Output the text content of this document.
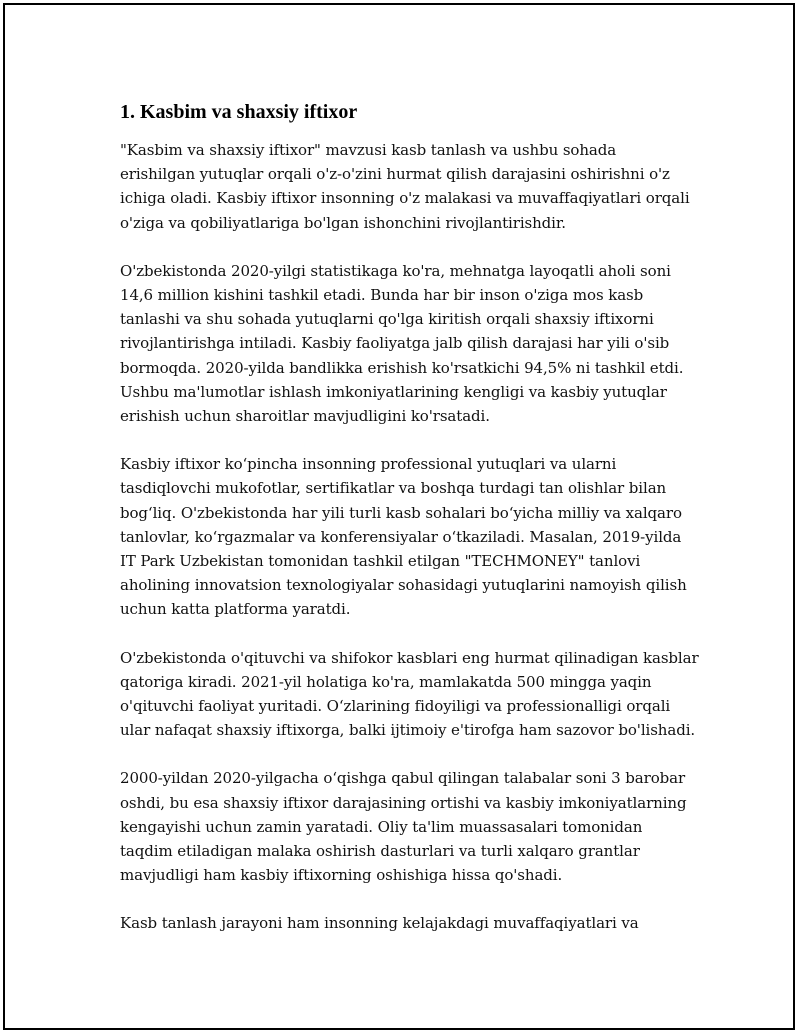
1. Kasbim va shaxsiy iftixor

"Kasbim va shaxsiy iftixor" mavzusi kasb tanlash va ushbu sohada
erishilgan yutuqlar orqali o'z-o'zini hurmat qilish darajasini oshirishni o'z
ichiga oladi. Kasbiy iftixor insonning o'z malakasi va muvaffaqiyatlari orqali
o'ziga va qobiliyatlariga bo'lgan ishonchini rivojlantirishdir.

O'zbekistonda 2020-yilgi statistikaga ko'ra, mehnatga layoqatli aholi soni
14,6 million kishini tashkil etadi. Bunda har bir inson o'ziga mos kasb
tanlashi va shu sohada yutuqlarni qo'lga kiritish orqali shaxsiy iftixorni
rivojlantirishga intiladi. Kasbiy faoliyatga jalb qilish darajasi har yili o'sib
bormoqda. 2020-yilda bandlikka erishish ko'rsatkichi 94,5% ni tashkil etdi.
Ushbu ma'lumotlar ishlash imkoniyatlarining kengligi va kasbiy yutuqlar
erishish uchun sharoitlar mavjudligini ko'rsatadi.

Kasbiy iftixor koʻpincha insonning professional yutuqlari va ularni
tasdiqlovchi mukofotlar, sertifikatlar va boshqa turdagi tan olishlar bilan
bogʻliq. O'zbekistonda har yili turli kasb sohalari boʻyicha milliy va xalqaro
tanlovlar, koʻrgazmalar va konferensiyalar oʻtkaziladi. Masalan, 2019-yilda
IT Park Uzbekistan tomonidan tashkil etilgan "TECHMONEY" tanlovi
aholining innovatsion texnologiyalar sohasidagi yutuqlarini namoyish qilish
uchun katta platforma yaratdi.

O'zbekistonda o'qituvchi va shifokor kasblari eng hurmat qilinadigan kasblar
qatoriga kiradi. 2021-yil holatiga ko'ra, mamlakatda 500 mingga yaqin
o'qituvchi faoliyat yuritadi. Oʻzlarining fidoyiligi va professionalligi orqali
ular nafaqat shaxsiy iftixorga, balki ijtimoiy e'tirofga ham sazovor bo'lishadi.

2000-yildan 2020-yilgacha oʻqishga qabul qilingan talabalar soni 3 barobar
oshdi, bu esa shaxsiy iftixor darajasining ortishi va kasbiy imkoniyatlarning
kengayishi uchun zamin yaratadi. Oliy ta'lim muassasalari tomonidan
taqdim etiladigan malaka oshirish dasturlari va turli xalqaro grantlar
mavjudligi ham kasbiy iftixorning oshishiga hissa qo'shadi.

Kasb tanlash jarayoni ham insonning kelajakdagi muvaffaqiyatlari va
